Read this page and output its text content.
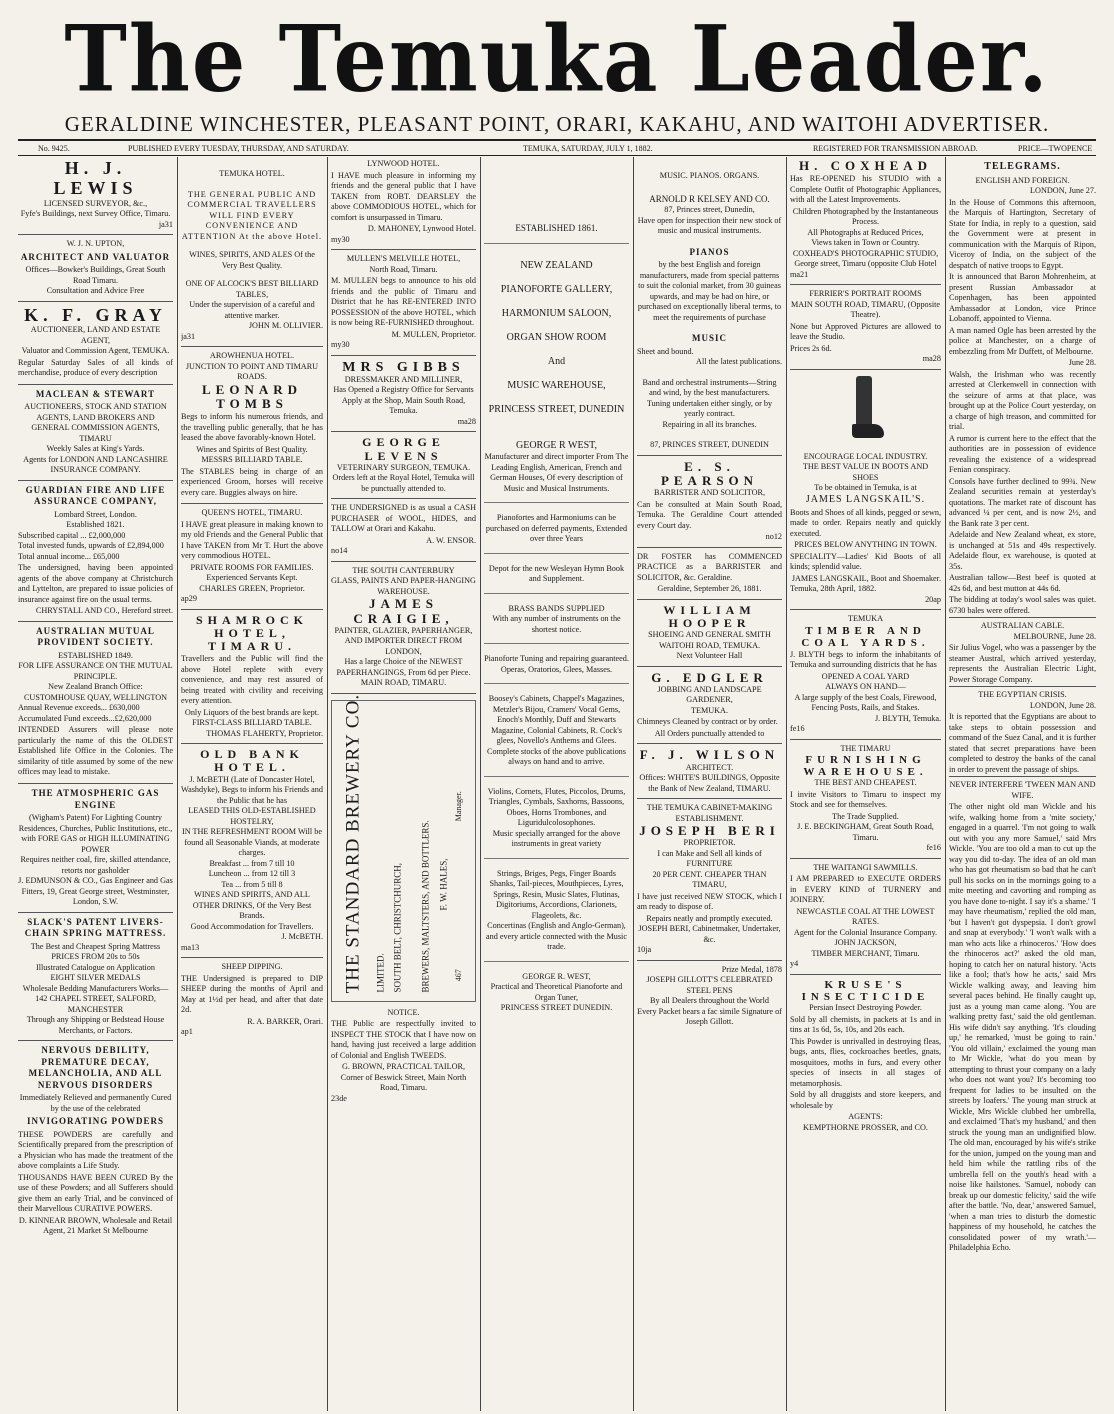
The Temuka Leader.
GERALDINE WINCHESTER, PLEASANT POINT, ORARI, KAKAHU, AND WAITOHI ADVERTISER.
No. 9425.	PUBLISHED EVERY TUESDAY, THURSDAY, AND SATURDAY.	TEMUKA, SATURDAY, JULY 1, 1882.	REGISTERED FOR TRANSMISSION ABROAD.	PRICE—TWOPENCE
H. J. LEWIS
LICENSED SURVEYOR, &c.,
Fyfe's Buildings, next Survey Office, Timaru.
ja31
W. J. N. UPTON,
ARCHITECT AND VALUATOR
Offices—Bowker's Buildings, Great South Road Timaru.
Consultation and Advice Free
K. F. GRAY
AUCTIONEER, LAND AND ESTATE AGENT,
Valuator and Commission Agent, TEMUKA.
Regular Saturday Sales of all kinds of merchandise, produce of every description
MACLEAN & STEWART
AUCTIONEERS, STOCK AND STATION AGENTS, LAND BROKERS AND GENERAL COMMISSION AGENTS, TIMARU
Weekly Sales at King's Yards.
Agents for LONDON AND LANCASHIRE INSURANCE COMPANY.
GUARDIAN FIRE AND LIFE ASSURANCE COMPANY,
Lombard Street, London.
Established 1821.
Subscribed capital ... £2,000,000
Total invested funds, upwards of £2,894,000
Total annual income... £65,000
The undersigned, having been appointed agents of the above company at Christchurch and Lyttelton, are prepared to issue policies of insurance against fire on the usual terms.
CHRYSTALL AND CO., Hereford street.
AUSTRALIAN MUTUAL PROVIDENT SOCIETY.
ESTABLISHED 1849.
FOR LIFE ASSURANCE ON THE MUTUAL PRINCIPLE.
New Zealand Branch Office: CUSTOMHOUSE QUAY, WELLINGTON
Annual Revenue exceeds... £630,000
Accumulated Fund exceeds...£2,620,000
INTENDED Assurers will please note particularly the name of this the OLDEST Established life Office in the Colonies. The similarity of title assumed by some of the new offices may lead to mistake.
THE ATMOSPHERIC GAS ENGINE
(Wigham's Patent) For Lighting Country Residences, Churches, Public Institutions, etc., with FORE GAS or HIGH ILLUMINATING POWER
Requires neither coal, fire, skilled attendance, retorts nor gasholder
J. EDMUNSON & CO., Gas Engineer and Gas Fitters, 19, Great George street, Westminster, London, S.W.
SLACK'S PATENT LIVERS-CHAIN SPRING MATTRESS.
The Best and Cheapest Spring Mattress
PRICES FROM 20s to 50s
Illustrated Catalogue on Application
EIGHT SILVER MEDALS
Wholesale Bedding Manufacturers Works—
142 CHAPEL STREET, SALFORD, MANCHESTER
Through any Shipping or Bedstead House Merchants, or Factors.
NERVOUS DEBILITY, PREMATURE DECAY, MELANCHOLIA, AND ALL NERVOUS DISORDERS
Immediately Relieved and permanently Cured by the use of the celebrated
INVIGORATING POWDERS
THESE POWDERS are carefully and Scientifically prepared from the prescription of a Physician who has made the treatment of the above complaints a Life Study.
THOUSANDS HAVE BEEN CURED By the use of these Powders; and all Sufferers should give them an early Trial, and be convinced of their Marvellous CURATIVE POWERS.
D. KINNEAR BROWN, Wholesale and Retail Agent, 21 Market St Melbourne
TEMUKA HOTEL.
THE GENERAL PUBLIC AND COMMERCIAL TRAVELLERS WILL FIND EVERY CONVENIENCE AND ATTENTION At the above Hotel.
WINES, SPIRITS, AND ALES Of the Very Best Quality.
ONE OF ALCOCK'S BEST BILLIARD TABLES,
Under the supervision of a careful and attentive marker.
JOHN M. OLLIVIER.
ja31
AROWHENUA HOTEL.
JUNCTION TO POINT AND TIMARU ROADS.
LEONARD TOMBS
Begs to inform his numerous friends, and the travelling public generally, that he has leased the above favorably-known Hotel.
Wines and Spirits of Best Quality.
MESSRS BILLIARD TABLE.
The STABLES being in charge of an experienced Groom, horses will receive every care. Buggies always on hire.
QUEEN'S HOTEL, TIMARU.
I HAVE great pleasure in making known to my old Friends and the General Public that I have TAKEN from Mr T. Hurt the above very commodious HOTEL.
PRIVATE ROOMS FOR FAMILIES. Experienced Servants Kept.
CHARLES GREEN, Proprietor.
ap29
SHAMROCK HOTEL, TIMARU.
Travellers and the Public will find the above Hotel replete with every convenience, and may rest assured of being treated with civility and receiving every attention.
Only Liquors of the best brands are kept.
FIRST-CLASS BILLIARD TABLE.
THOMAS FLAHERTY, Proprietor.
OLD BANK HOTEL.
J. McBETH (Late of Doncaster Hotel, Washdyke), Begs to inform his Friends and the Public that he has
LEASED THIS OLD-ESTABLISHED HOSTELRY,
IN THE REFRESHMENT ROOM Will be found all Seasonable Viands, at moderate charges.
Breakfast ... from 7 till 10
Luncheon ... from 12 till 3
Tea ... from 5 till 8
WINES AND SPIRITS, AND ALL OTHER DRINKS, Of the Very Best Brands.
Good Accommodation for Travellers.
J. McBETH.
ma13
SHEEP DIPPING.
THE Undersigned is prepared to DIP SHEEP during the months of April and May at 1½d per head, and after that date 2d.
R. A. BARKER, Orari.
ap1
LYNWOOD HOTEL.
I HAVE much pleasure in informing my friends and the general public that I have TAKEN from ROBT. DEARSLEY the above COMMODIOUS HOTEL, which for comfort is unsurpassed in Timaru.
D. MAHONEY, Lynwood Hotel.
my30
MULLEN'S MELVILLE HOTEL,
North Road, Timaru.
M. MULLEN begs to announce to his old friends and the public of Timaru and District that he has RE-ENTERED INTO POSSESSION of the above HOTEL, which is now being RE-FURNISHED throughout.
M. MULLEN, Proprietor.
my30
MRS GIBBS
DRESSMAKER AND MILLINER,
Has Opened a Registry Office for Servants
Apply at the Shop, Main South Road, Temuka.
ma28
GEORGE LEVENS
VETERINARY SURGEON, TEMUKA.
Orders left at the Royal Hotel, Temuka will be punctually attended to.
THE UNDERSIGNED is as usual a CASH PURCHASER of WOOL, HIDES, and TALLOW at Orari and Kakahu.
A. W. ENSOR.
no14
THE SOUTH CANTERBURY
GLASS, PAINTS AND PAPER-HANGING WAREHOUSE.
JAMES CRAIGIE,
PAINTER, GLAZIER, PAPERHANGER, AND IMPORTER DIRECT FROM LONDON,
Has a large Choice of the NEWEST PAPERHANGINGS, From 6d per Piece.
MAIN ROAD, TIMARU.
THE STANDARD BREWERY CO. LIMITED. SOUTH BELT, CHRISTCHURCH, BREWERS, MALTSTERS, AND BOTTLERS. F. W. HALES,
Manager.
467
NOTICE.
THE Public are respectfully invited to INSPECT THE STOCK that I have now on hand, having just received a large addition of Colonial and English TWEEDS.
G. BROWN, PRACTICAL TAILOR, Corner of Beswick Street, Main North Road, Timaru.
23de
ESTABLISHED 1861.
NEW ZEALAND
PIANOFORTE GALLERY,
HARMONIUM SALOON,
ORGAN SHOW ROOM
And
MUSIC WAREHOUSE,
PRINCESS STREET, DUNEDIN
GEORGE R WEST,
Manufacturer and direct importer From The Leading English, American, French and German Houses, Of every description of Music and Musical Instruments.
Pianofortes and Harmoniums can be purchased on deferred payments, Extended over three Years
Depot for the new Wesleyan Hymn Book and Supplement.
BRASS BANDS SUPPLIED
With any number of instruments on the shortest notice.
Pianoforte Tuning and repairing guaranteed. Operas, Oratorios, Glees, Masses.
Boosey's Cabinets, Chappel's Magazines, Metzler's Bijou, Cramers' Vocal Gems, Enoch's Monthly, Duff and Stewarts Magazine, Colonial Cabinets, R. Cock's glees, Novello's Anthems and Glees. Complete stocks of the above publications always on hand and to arrive.
Violins, Cornets, Flutes, Piccolos, Drums, Triangles, Cymbals, Saxhorns, Bassoons, Oboes, Horns Trombones, and Liguridulcolosophones.
Music specially arranged for the above instruments in great variety
Strings, Briges, Pegs, Finger Boards Shanks, Tail-pieces, Mouthpieces, Lyres, Springs, Resin, Music Slates, Flutinas, Digitoriums, Accordions, Clarionets, Flageolets, &c.
Concertinas (English and Anglo-German), and every article connected with the Music trade.
GEORGE R. WEST,
Practical and Theoretical Pianoforte and Organ Tuner,
PRINCESS STREET DUNEDIN.
MUSIC. PIANOS. ORGANS.
ARNOLD R KELSEY AND CO.
87, Princes street, Dunedin,
Have open for inspection their new stock of music and musical instruments.
PIANOS
by the best English and foreign manufacturers, made from special patterns to suit the colonial market, from 30 guineas upwards, and may be had on hire, or purchased on exceptionally liberal terms, to meet the requirements of purchase
MUSIC
Sheet and bound.
All the latest publications.
Band and orchestral instruments—String and wind, by the best manufacturers.
Tuning undertaken either singly, or by yearly contract.
Repairing in all its branches.
87, PRINCES STREET, DUNEDIN
E. S. PEARSON
BARRISTER AND SOLICITOR,
Can be consulted at Main South Road, Temuka. The Geraldine Court attended every Court day.
no12
DR FOSTER has COMMENCED PRACTICE as a BARRISTER and SOLICITOR, &c. Geraldine.
Geraldine, September 26, 1881.
WILLIAM HOOPER
SHOEING AND GENERAL SMITH
WAITOHI ROAD, TEMUKA.
Next Volunteer Hall
G. EDGLER
JOBBING AND LANDSCAPE GARDENER,
TEMUKA.
Chimneys Cleaned by contract or by order.
All Orders punctually attended to
F. J. WILSON
ARCHITECT.
Offices: WHITE'S BUILDINGS, Opposite the Bank of New Zealand, TIMARU.
THE TEMUKA CABINET-MAKING ESTABLISHMENT.
JOSEPH BERI
PROPRIETOR.
I can Make and Sell all kinds of FURNITURE
20 PER CENT. CHEAPER THAN TIMARU,
I have just received NEW STOCK, which I am ready to dispose of.
Repairs neatly and promptly executed.
JOSEPH BERI, Cabinetmaker, Undertaker, &c.
10ja
Prize Medal, 1878
JOSEPH GILLOTT'S CELEBRATED
STEEL PENS
By all Dealers throughout the World
Every Packet bears a fac simile Signature of Joseph Gillott.
H. COXHEAD
Has RE-OPENED his STUDIO with a Complete Outfit of Photographic Appliances, with all the Latest Improvements.
Children Photographed by the Instantaneous Process.
All Photographs at Reduced Prices,
Views taken in Town or Country.
COXHEAD'S PHOTOGRAPHIC STUDIO,
George street, Timaru (opposite Club Hotel
ma21
FERRIER'S PORTRAIT ROOMS
MAIN SOUTH ROAD, TIMARU, (Opposite Theatre).
None but Approved Pictures are allowed to leave the Studio.
Prices 2s 6d.
ma28
ENCOURAGE LOCAL INDUSTRY.
THE BEST VALUE IN BOOTS AND SHOES
To be obtained in Temuka, is at
JAMES LANGSKAIL'S.
Boots and Shoes of all kinds, pegged or sewn, made to order. Repairs neatly and quickly executed.
PRICES BELOW ANYTHING IN TOWN.
SPECIALITY—Ladies' Kid Boots of all kinds; splendid value.
JAMES LANGSKAIL, Boot and Shoemaker.
Temuka, 28th April, 1882.
20ap
TEMUKA
TIMBER AND COAL YARDS.
J. BLYTH begs to inform the inhabitants of Temuka and surrounding districts that he has
OPENED A COAL YARD
ALWAYS ON HAND—
A large supply of the best Coals, Firewood, Fencing Posts, Rails, and Stakes.
J. BLYTH, Temuka.
fe16
THE TIMARU
FURNISHING WAREHOUSE.
THE BEST AND CHEAPEST.
I invite Visitors to Timaru to inspect my Stock and see for themselves.
The Trade Supplied.
J. E. BECKINGHAM, Great South Road, Timaru.
fe16
THE WAITANGI SAWMILLS.
I AM PREPARED to EXECUTE ORDERS in EVERY KIND of TURNERY and JOINERY.
NEWCASTLE COAL AT THE LOWEST RATES.
Agent for the Colonial Insurance Company.
JOHN JACKSON,
TIMBER MERCHANT, Timaru.
y4
KRUSE'S INSECTICIDE
Persian Insect Destroying Powder.
Sold by all chemists, in packets at 1s and in tins at 1s 6d, 5s, 10s, and 20s each.
This Powder is unrivalled in destroying fleas, bugs, ants, flies, cockroaches beetles, gnats, mosquitoes, moths in furs, and every other species of insects in all stages of metamorphosis.
Sold by all druggists and store keepers, and wholesale by
AGENTS:
KEMPTHORNE PROSSER, and CO.
TELEGRAMS.
ENGLISH AND FOREIGN.
LONDON, June 27.
In the House of Commons this afternoon, the Marquis of Hartington, Secretary of State for India, in reply to a question, said the Government were at present in communication with the Marquis of Ripon, Viceroy of India, on the subject of the despatch of native troops to Egypt.
It is announced that Baron Mohrenheim, at present Russian Ambassador at Copenhagen, has been appointed Ambassador at London, vice Prince Lobanoff, appointed to Vienna.
A man named Ogle has been arrested by the police at Manchester, on a charge of embezzling from Mr Duffett, of Melbourne.
June 28.
Walsh, the Irishman who was recently arrested at Clerkenwell in connection with the seizure of arms at that place, was brought up at the Police Court yesterday, on a charge of high treason, and committed for trial.
A rumor is current here to the effect that the authorities are in possession of evidence revealing the existence of a widespread Fenian conspiracy.
Consols have further declined to 99¾. New Zealand securities remain at yesterday's quotations. The market rate of discount has advanced ¼ per cent, and is now 2½, and the Bank rate 3 per cent.
Adelaide and New Zealand wheat, ex store, is unchanged at 51s and 49s respectively. Adelaide flour, ex warehouse, is quoted at 35s.
Australian tallow—Best beef is quoted at 42s 6d, and best mutton at 44s 6d.
The bidding at today's wool sales was quiet. 6730 bales were offered.
AUSTRALIAN CABLE.
MELBOURNE, June 28.
Sir Julius Vogel, who was a passenger by the steamer Austral, which arrived yesterday, represents the Australian Electric Light, Power Storage Company.
THE EGYPTIAN CRISIS.
LONDON, June 28.
It is reported that the Egyptians are about to take steps to obtain possession and command of the Suez Canal, and it is further stated that secret preparations have been completed to destroy the banks of the canal in order to prevent the passage of ships.
NEVER INTERFERE 'TWEEN MAN AND WIFE.
The other night old man Wickle and his wife, walking home from a 'mite society,' engaged in a quarrel. 'I'm not going to walk out with you any more Samuel,' said Mrs Wickle. 'You are too old a man to cut up the way you did to-day. The idea of an old man who has got rheumatism so bad that he can't pull his socks on in the mornings going to a mite meeting and cavorting and romping as you have done to-night. I say it's a shame.' 'I may have rheumatism,' replied the old man, 'but I haven't got dyspepsia. I don't growl and snap at everybody.' 'I won't walk with a man who acts like a rhinoceros.' 'How does the rhinoceros act?' asked the old man, hoping to catch her on natural history. 'Acts like a fool; that's how he acts,' said Mrs Wickle walking away, and leaving him several paces behind. He finally caught up, just as a young man came along. 'You are walking pretty fast,' said the old gentleman. His wife didn't say anything. 'It's clouding up,' he remarked, 'must be going to rain.' 'You old villain,' exclaimed the young man to Mr Wickle, 'what do you mean by attempting to thrust your company on a lady who does not want you? It's becoming too frequent for ladies to be insulted on the streets by loafers.' The young man struck at Wickle, Mrs Wickle clubbed her umbrella, and exclaimed 'That's my husband,' and then struck the young man an undignified blow. The old man, encouraged by his wife's strike for the union, jumped on the young man and held him while the rattling ribs of the umbrella fell on the youth's head with a noise like hailstones. 'Samuel, nobody can break up our domestic felicity,' said the wife after the battle. 'No, dear,' answered Samuel, 'when a man tries to disturb the domestic happiness of my household, he catches the consolidated power of my wrath.'—Philadelphia Echo.
